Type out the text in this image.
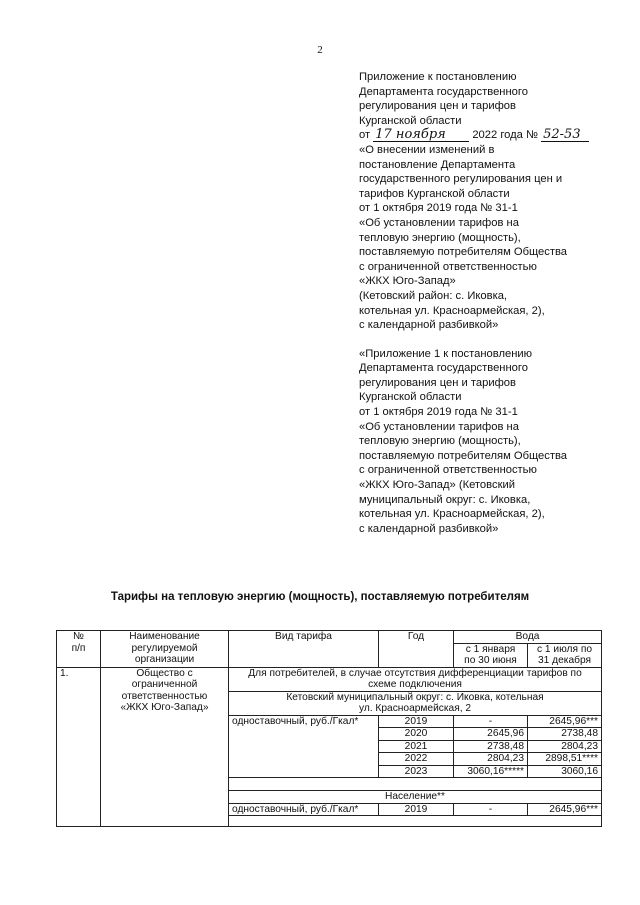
2
Приложение к постановлению
Департамента государственного
регулирования цен и тарифов
Курганской области
от 17 ноября 2022 года № 52-53
«О внесении изменений в
постановление Департамента
государственного регулирования цен и
тарифов Курганской области
от 1 октября 2019 года № 31-1
«Об установлении тарифов на
тепловую энергию (мощность),
поставляемую потребителям Общества
с ограниченной ответственностью
«ЖКХ Юго-Запад»
(Кетовский район: с. Иковка,
котельная ул. Красноармейская, 2),
с календарной разбивкой»
«Приложение 1 к постановлению
Департамента государственного
регулирования цен и тарифов
Курганской области
от 1 октября 2019 года № 31-1
«Об установлении тарифов на
тепловую энергию (мощность),
поставляемую потребителям Общества
с ограниченной ответственностью
«ЖКХ Юго-Запад» (Кетовский
муниципальный округ: с. Иковка,
котельная ул. Красноармейская, 2),
с календарной разбивкой»
Тарифы на тепловую энергию (мощность), поставляемую потребителям
№
п/п	Наименование
регулируемой
организации	Вид тарифа	Год	Вода	

				с 1 января
по 30 июня	с 1 июля по
31 декабря

1.	Общество с
ограниченной
ответственностью
«ЖКХ Юго-Запад»	Для потребителей, в случае отсутствия дифференциации тарифов по
схеме подключения			

		Кетовский муниципальный округ: с. Иковка, котельная
ул. Красноармейская, 2			

		одноставочный, руб./Гкал*	2019	-	2645,96***
			2020	2645,96	2738,48
			2021	2738,48	2804,23
			2022	2804,23	2898,51****
			2023	3060,16*****	3060,16

		Население**			
		одноставочный, руб./Гкал*	2019	-	2645,96***
